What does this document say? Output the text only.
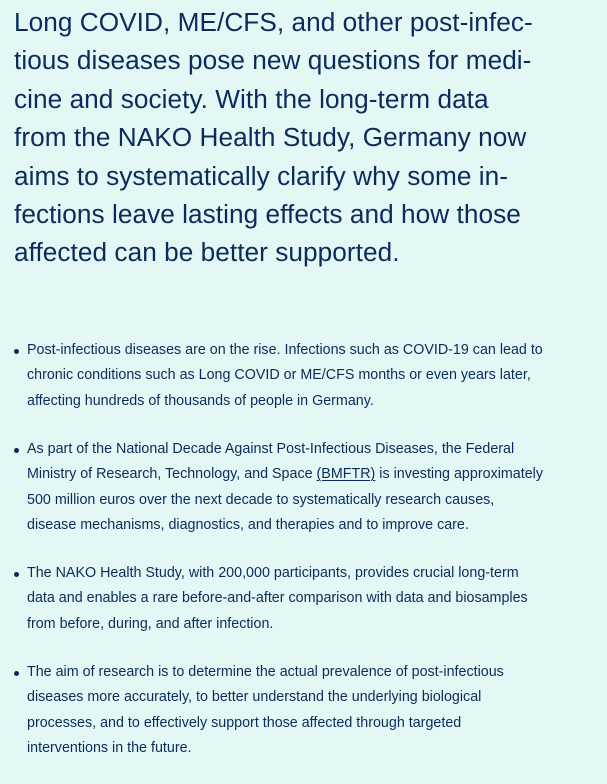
Long COVID, ME/CFS, and other post-infec-
tious diseases pose new questions for medi-
cine and society. With the long-term data
from the NAKO Health Study, Germany now
aims to systematically clarify why some in-
fections leave lasting effects and how those
affected can be better supported.
Post-infectious diseases are on the rise. Infections such as COVID-19 can lead to
chronic conditions such as Long COVID or ME/CFS months or even years later,
affecting hundreds of thousands of people in Germany.
As part of the National Decade Against Post-Infectious Diseases, the Federal
Ministry of Research, Technology, and Space (BMFTR) is investing approximately
500 million euros over the next decade to systematically research causes,
disease mechanisms, diagnostics, and therapies and to improve care.
The NAKO Health Study, with 200,000 participants, provides crucial long-term
data and enables a rare before-and-after comparison with data and biosamples
from before, during, and after infection.
The aim of research is to determine the actual prevalence of post-infectious
diseases more accurately, to better understand the underlying biological
processes, and to effectively support those affected through targeted
interventions in the future.
